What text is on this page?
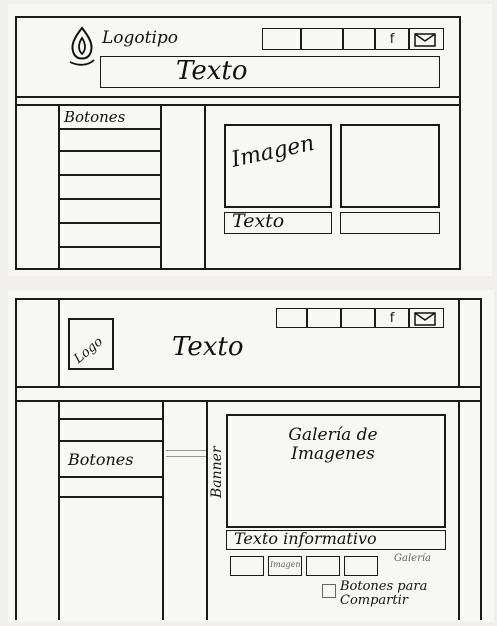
Logotipo
Texto
f
Botones
Imagen
Texto
Logo	Texto
f
Botones	Banner
Galería de Imagenes
Texto informativo
Imagen
Galería
Botones para Compartir
